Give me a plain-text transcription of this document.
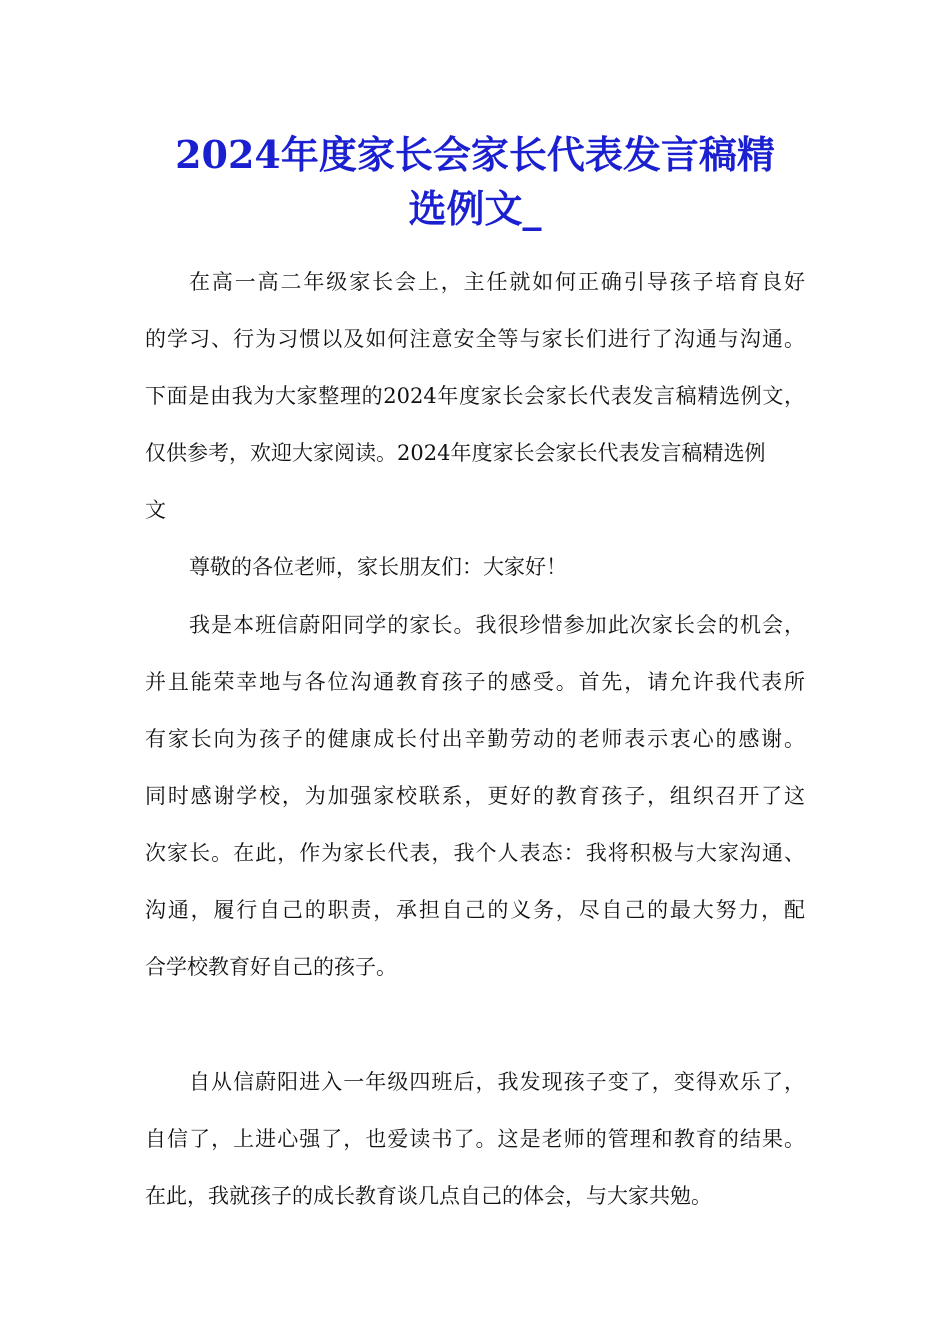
2024年度家长会家长代表发言稿精
选例文_
在高一高二年级家长会上，主任就如何正确引导孩子培育良好
的学习、行为习惯以及如何注意安全等与家长们进行了沟通与沟通。
下面是由我为大家整理的2024年度家长会家长代表发言稿精选例文，
仅供参考，欢迎大家阅读。2024年度家长会家长代表发言稿精选例
文
尊敬的各位老师，家长朋友们：大家好！
我是本班信蔚阳同学的家长。我很珍惜参加此次家长会的机会，
并且能荣幸地与各位沟通教育孩子的感受。首先，请允许我代表所
有家长向为孩子的健康成长付出辛勤劳动的老师表示衷心的感谢。
同时感谢学校，为加强家校联系，更好的教育孩子，组织召开了这
次家长。在此，作为家长代表，我个人表态：我将积极与大家沟通、
沟通，履行自己的职责，承担自己的义务，尽自己的最大努力，配
合学校教育好自己的孩子。
自从信蔚阳进入一年级四班后，我发现孩子变了，变得欢乐了，
自信了，上进心强了，也爱读书了。这是老师的管理和教育的结果。
在此，我就孩子的成长教育谈几点自己的体会，与大家共勉。
